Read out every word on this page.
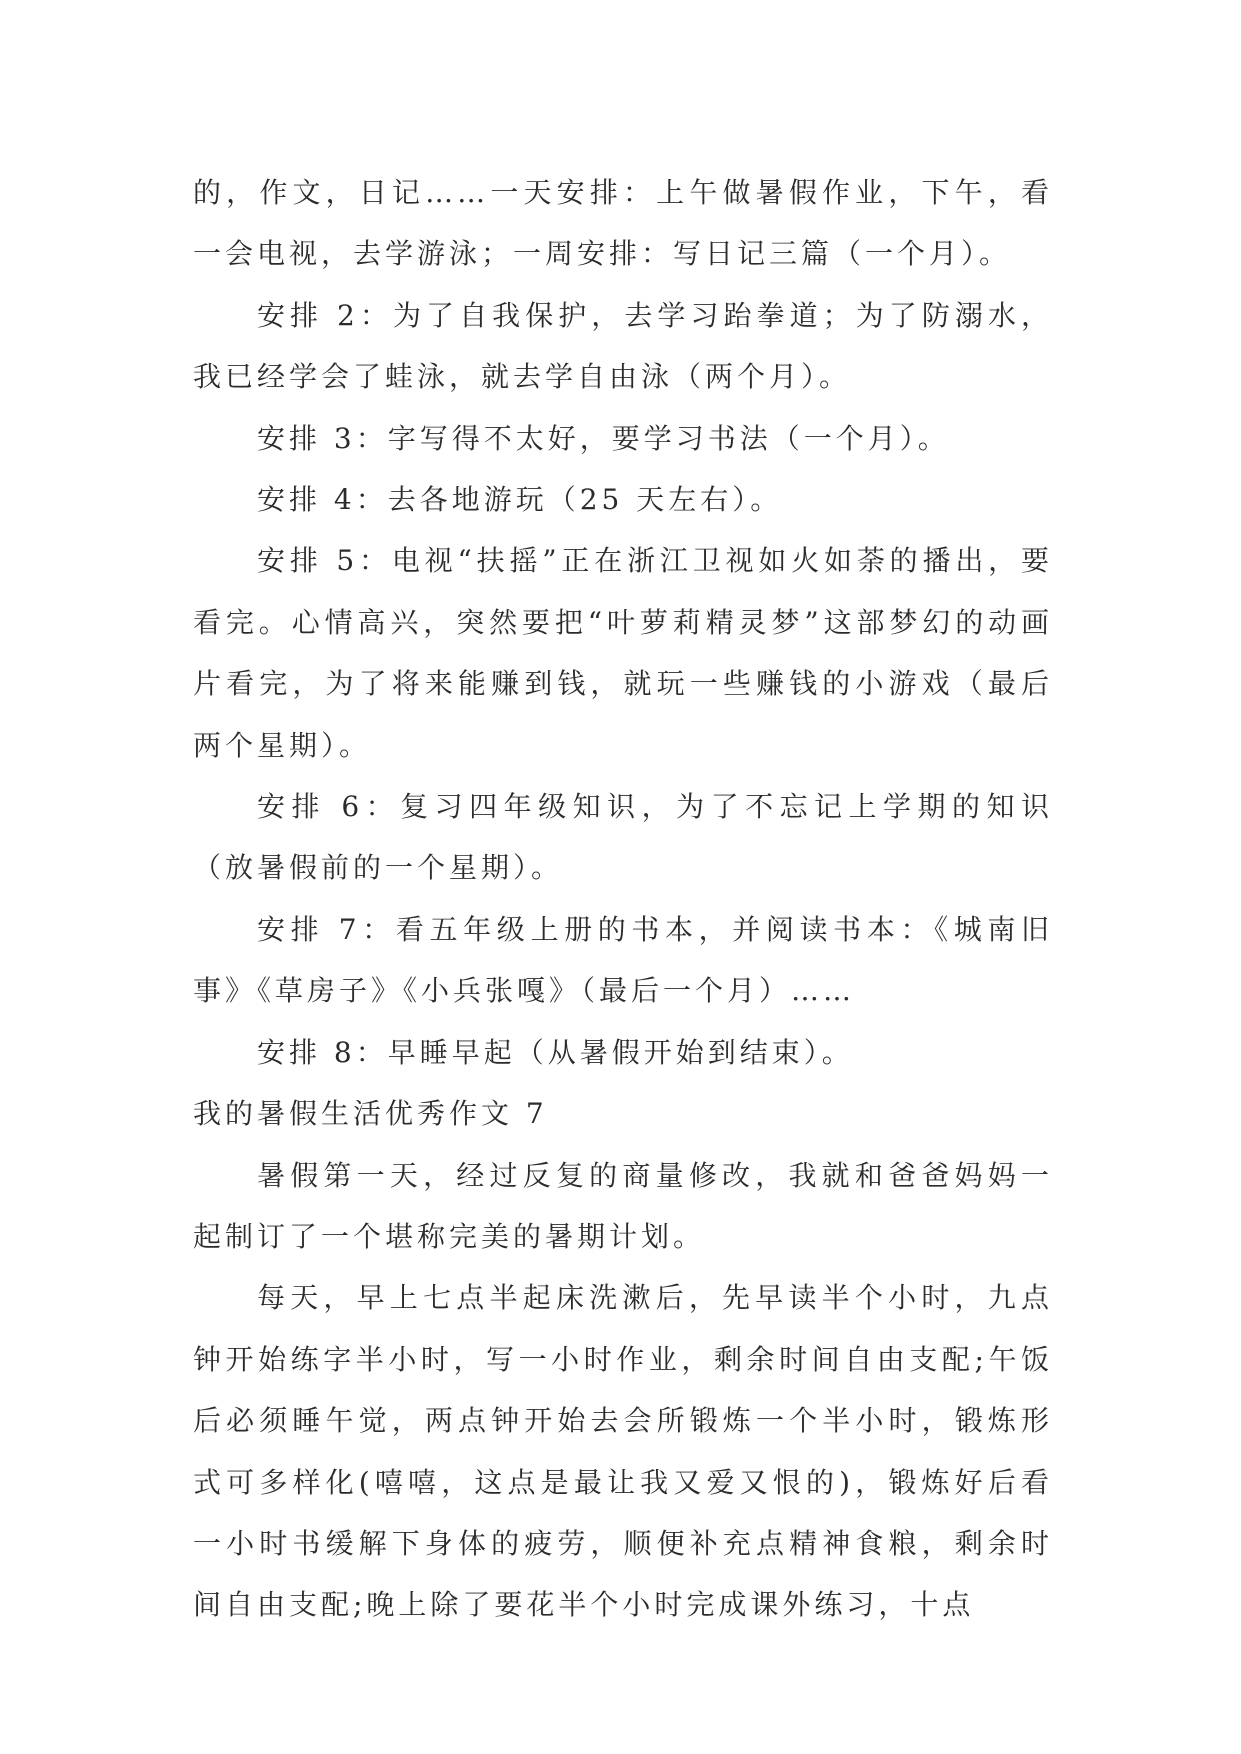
的，作文，日记……一天安排：上午做暑假作业，下午，看一会电视，去学游泳；一周安排：写日记三篇（一个月）。

安排 2：为了自我保护，去学习跆拳道；为了防溺水，我已经学会了蛙泳，就去学自由泳（两个月）。

安排 3：字写得不太好，要学习书法（一个月）。

安排 4：去各地游玩（25 天左右）。

安排 5：电视“扶摇”正在浙江卫视如火如荼的播出，要看完。心情高兴，突然要把“叶萝莉精灵梦”这部梦幻的动画片看完，为了将来能赚到钱，就玩一些赚钱的小游戏（最后两个星期）。

安排 6：复习四年级知识，为了不忘记上学期的知识（放暑假前的一个星期）。

安排 7：看五年级上册的书本，并阅读书本：《城南旧事》《草房子》《小兵张嘎》（最后一个月）……

安排 8：早睡早起（从暑假开始到结束）。

我的暑假生活优秀作文 7

暑假第一天，经过反复的商量修改，我就和爸爸妈妈一起制订了一个堪称完美的暑期计划。

每天，早上七点半起床洗漱后，先早读半个小时，九点钟开始练字半小时，写一小时作业，剩余时间自由支配;午饭后必须睡午觉，两点钟开始去会所锻炼一个半小时，锻炼形式可多样化(嘻嘻，这点是最让我又爱又恨的)，锻炼好后看一小时书缓解下身体的疲劳，顺便补充点精神食粮，剩余时间自由支配;晚上除了要花半个小时完成课外练习，十点
